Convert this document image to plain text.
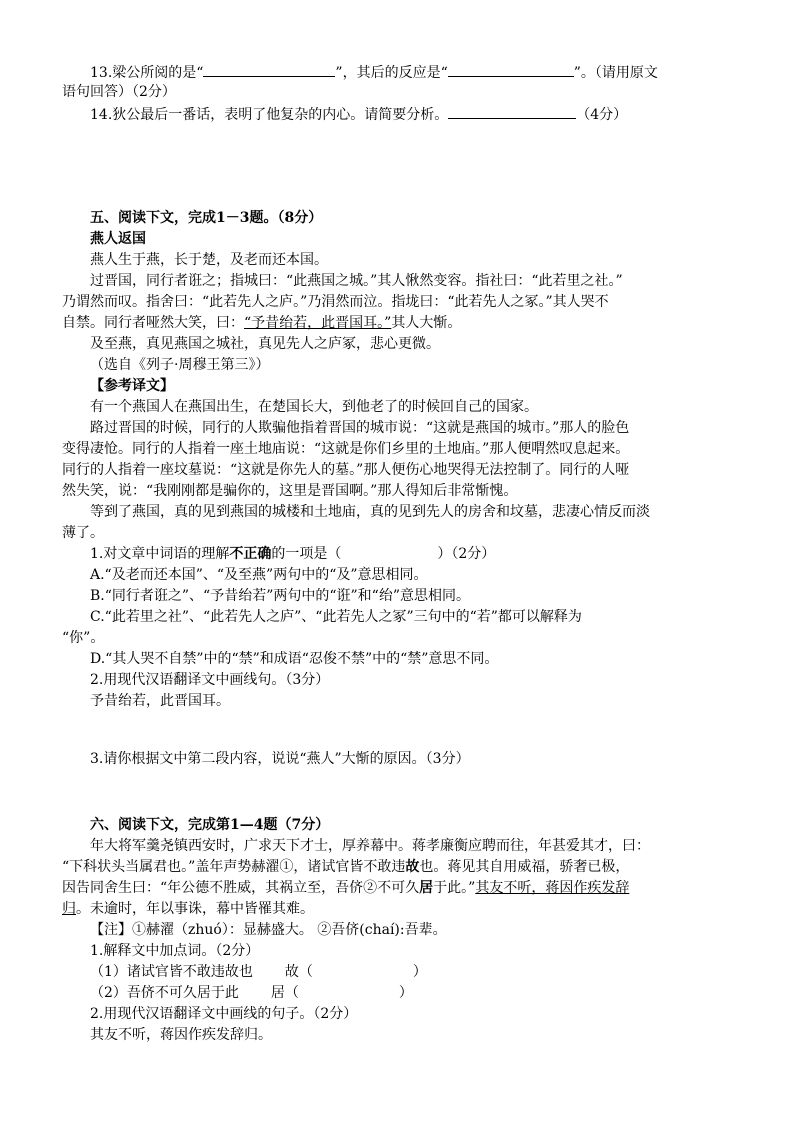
13.梁公所阅的是“	”，其后的反应是“	”。（请用原文
语句回答）（2分）
14.狄公最后一番话，表明了他复杂的内心。请简要分析。	（4分）
五、阅读下文，完成1－3题。（8分）
燕人返国
燕人生于燕，长于楚，及老而还本国。
过晋国，同行者诳之；指城曰：“此燕国之城。”其人愀然变容。指社曰：“此若里之社。”
乃谓然而叹。指舍曰：“此若先人之庐。”乃涓然而泣。指垅曰：“此若先人之冢。”其人哭不
自禁。同行者哑然大笑，曰：“予昔绐若，此晋国耳。”其人大惭。
及至燕，真见燕国之城社，真见先人之庐冢，悲心更微。
（选自《列子·周穆王第三》）
【参考译文】
有一个燕国人在燕国出生，在楚国长大，到他老了的时候回自己的国家。
路过晋国的时候，同行的人欺骗他指着晋国的城市说：“这就是燕国的城市。”那人的脸色
变得凄怆。同行的人指着一座土地庙说：“这就是你们乡里的土地庙。”那人便喟然叹息起来。
同行的人指着一座坟墓说：“这就是你先人的墓。”那人便伤心地哭得无法控制了。同行的人哑
然失笑，说：“我刚刚都是骗你的，这里是晋国啊。”那人得知后非常惭愧。
等到了燕国，真的见到燕国的城楼和土地庙，真的见到先人的房舍和坟墓，悲凄心情反而淡
薄了。
1.对文章中词语的理解不正确的一项是（	）（2分）
A.“及老而还本国”、“及至燕”两句中的“及”意思相同。
B.“同行者诳之”、“予昔绐若”两句中的“诳”和“绐”意思相同。
C.“此若里之社”、“此若先人之庐”、“此若先人之冢”三句中的“若”都可以解释为
“你”。
D.“其人哭不自禁”中的“禁”和成语“忍俊不禁”中的“禁”意思不同。
2.用现代汉语翻译文中画线句。（3分）
予昔绐若，此晋国耳。
3.请你根据文中第二段内容，说说“燕人”大惭的原因。（3分）
六、阅读下文，完成第1—4题（7分）
年大将军羹尧镇西安时，广求天下才士，厚养幕中。蒋孝廉衡应聘而往，年甚爱其才，曰：
“下科状头当属君也。”盖年声势赫濯①，诸试官皆不敢违故也。蒋见其自用威福，骄奢已极，
因告同舍生曰：“年公德不胜威，其祸立至，吾侪②不可久居于此。”其友不听，蒋因作疾发辞
归。未逾时，年以事诛，幕中皆罹其难。
【注】①赫濯（zhuó）：显赫盛大。 ②吾侪(chaí):吾辈。
1.解释文中加点词。（2分）
（1）诸试官皆不敢违故也 故（	）
（2）吾侪不可久居于此 居（	）
2.用现代汉语翻译文中画线的句子。（2分）
其友不听，蒋因作疾发辞归。
